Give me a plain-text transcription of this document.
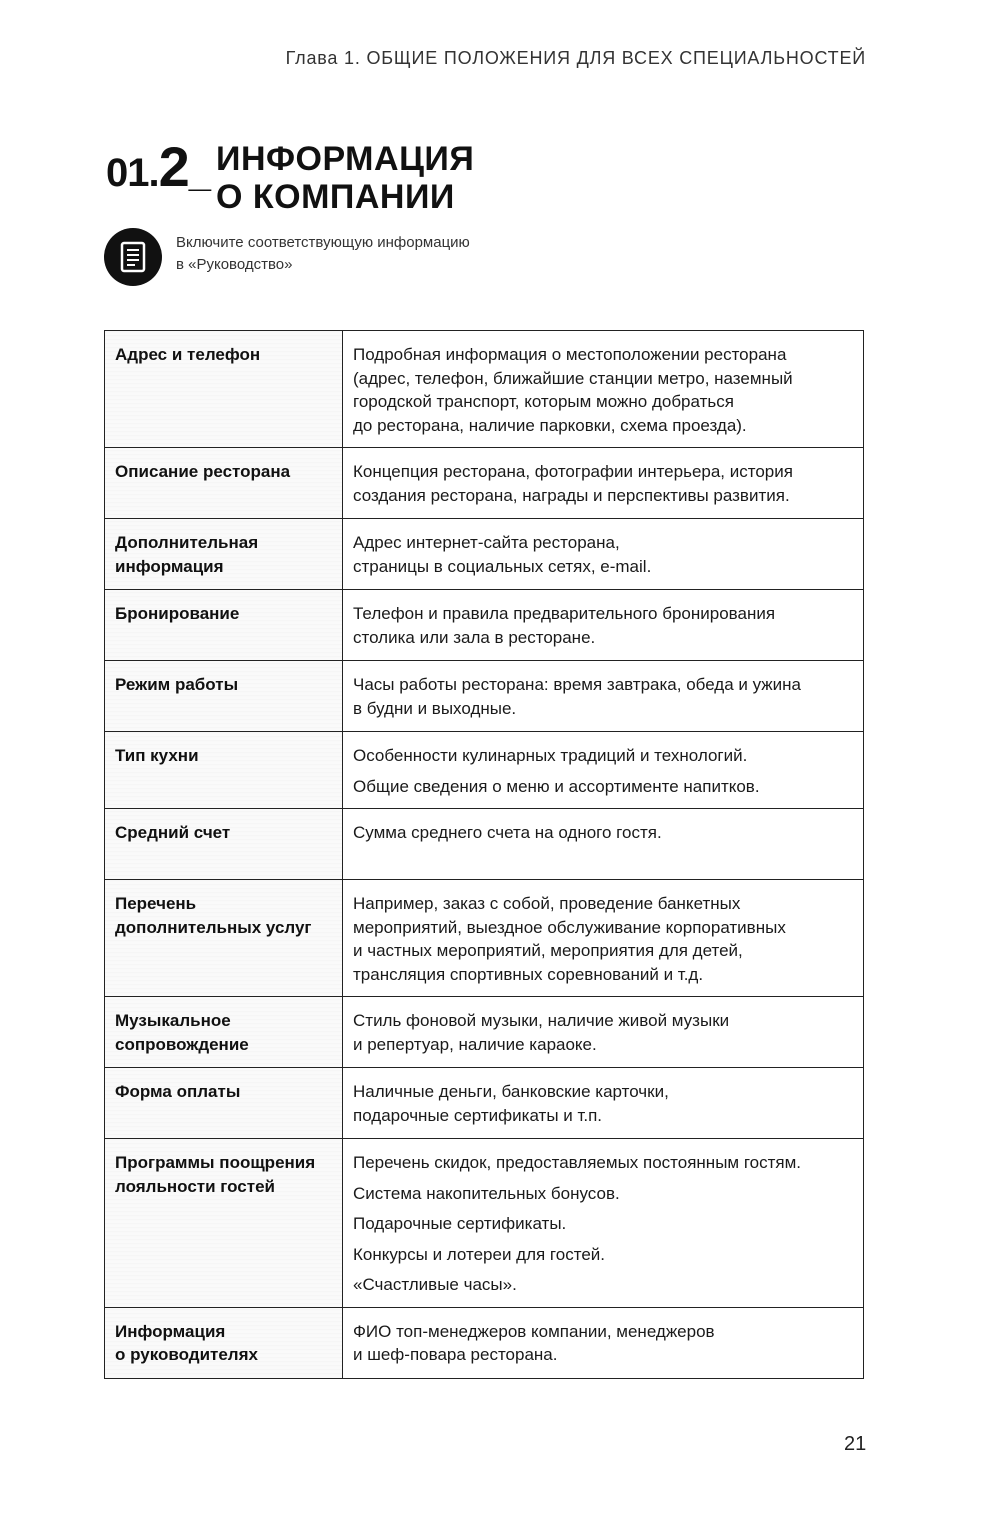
Глава 1. ОБЩИЕ ПОЛОЖЕНИЯ ДЛЯ ВСЕХ СПЕЦИАЛЬНОСТЕЙ
01.2_ ИНФОРМАЦИЯ
О КОМПАНИИ
Включите соответствующую информацию
в «Руководство»
Адрес и телефон	Подробная информация о местоположении ресторана
(адрес, телефон, ближайшие станции метро, наземный
городской транспорт, которым можно добраться
до ресторана, наличие парковки, схема проезда).

Описание ресторана	Концепция ресторана, фотографии интерьера, история
создания ресторана, награды и перспективы развития.

Дополнительная
информация	Адрес интернет-сайта ресторана,
страницы в социальных сетях, e-mail.

Бронирование	Телефон и правила предварительного бронирования
столика или зала в ресторане.

Режим работы	Часы работы ресторана: время завтрака, обеда и ужина
в будни и выходные.

Тип кухни	Особенности кулинарных традиций и технологий.
Общие сведения о меню и ассортименте напитков.

Средний счет	Сумма среднего счета на одного гостя.

Перечень
дополнительных услуг	Например, заказ с собой, проведение банкетных
мероприятий, выездное обслуживание корпоративных
и частных мероприятий, мероприятия для детей,
трансляция спортивных соревнований и т.д.

Музыкальное
сопровождение	Стиль фоновой музыки, наличие живой музыки
и репертуар, наличие караоке.

Форма оплаты	Наличные деньги, банковские карточки,
подарочные сертификаты и т.п.

Программы поощрения
лояльности гостей	Перечень скидок, предоставляемых постоянным гостям.
Система накопительных бонусов.
Подарочные сертификаты.
Конкурсы и лотереи для гостей.
«Счастливые часы».

Информация
о руководителях	ФИО топ-менеджеров компании, менеджеров
и шеф-повара ресторана.
21
